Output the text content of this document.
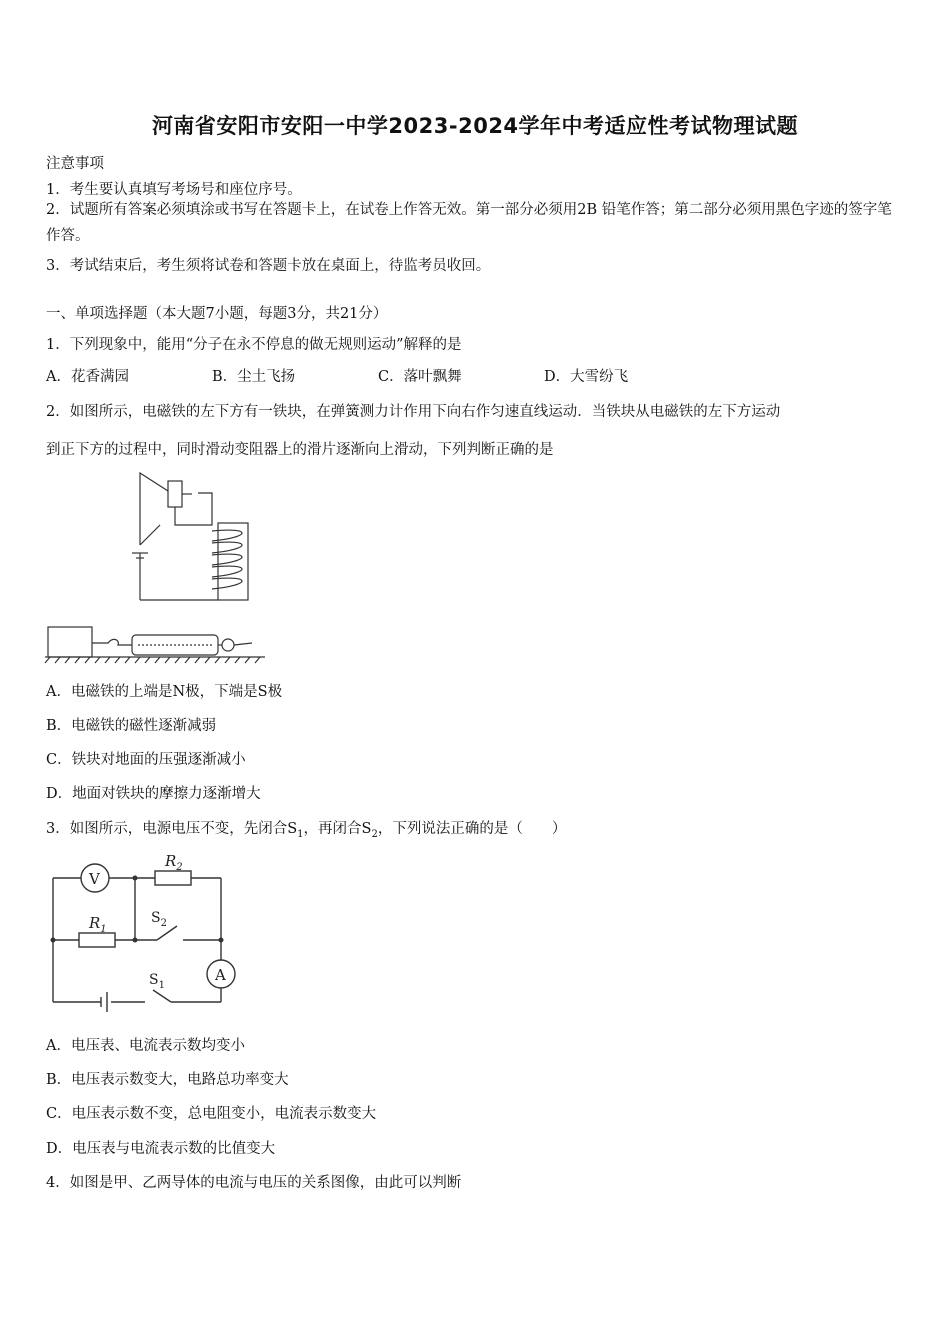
河南省安阳市安阳一中学2023-2024学年中考适应性考试物理试题
注意事项
1．考生要认真填写考场号和座位序号。
2．试题所有答案必须填涂或书写在答题卡上，在试卷上作答无效。第一部分必须用2B 铅笔作答；第二部分必须用黑色字迹的签字笔作答。
3．考试结束后，考生须将试卷和答题卡放在桌面上，待监考员收回。
一、单项选择题（本大题7小题，每题3分，共21分）
1．下列现象中，能用“分子在永不停息的做无规则运动”解释的是
A．花香满园	B．尘土飞扬	C．落叶飘舞	D．大雪纷飞
2．如图所示，电磁铁的左下方有一铁块，在弹簧测力计作用下向右作匀速直线运动．当铁块从电磁铁的左下方运动
到正下方的过程中，同时滑动变阻器上的滑片逐渐向上滑动，下列判断正确的是
A．电磁铁的上端是N极，下端是S极
B．电磁铁的磁性逐渐减弱
C．铁块对地面的压强逐渐减小
D．地面对铁块的摩擦力逐渐增大
3．如图所示，电源电压不变，先闭合$S_1$，再闭合$S_2$，下列说法正确的是（　　）
V
A
$R_2$
$R_1$
$S_2$
$S_1$
A．电压表、电流表示数均变小
B．电压表示数变大，电路总功率变大
C．电压表示数不变，总电阻变小，电流表示数变大
D．电压表与电流表示数的比值变大
4．如图是甲、乙两导体的电流与电压的关系图像，由此可以判断
